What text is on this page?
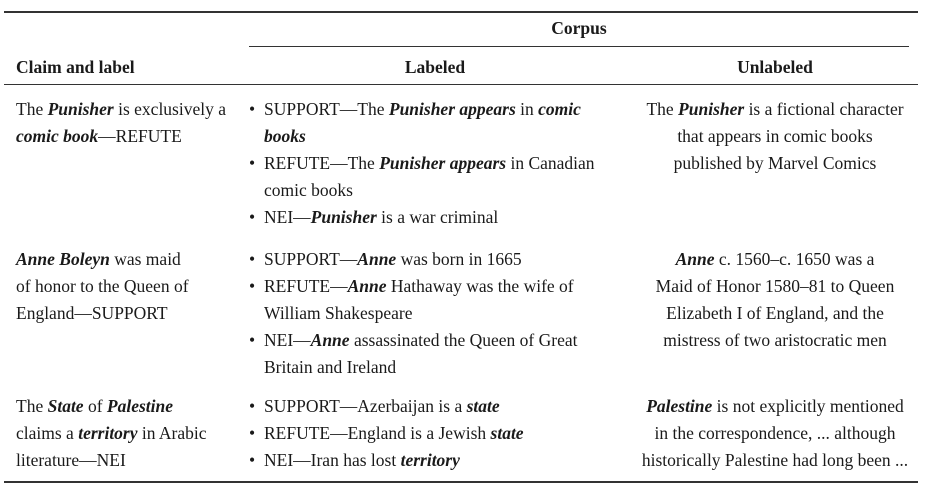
Corpus
Claim and label	Labeled	Unlabeled
The Punisher is exclusively a
comic book—REFUTE
• SUPPORT—The Punisher appears in comic
books
• REFUTE—The Punisher appears in Canadian
comic books
• NEI—Punisher is a war criminal
The Punisher is a fictional character
that appears in comic books
published by Marvel Comics
Anne Boleyn was maid
of honor to the Queen of
England—SUPPORT
• SUPPORT—Anne was born in 1665
• REFUTE—Anne Hathaway was the wife of
William Shakespeare
• NEI—Anne assassinated the Queen of Great
Britain and Ireland
Anne c. 1560–c. 1650 was a
Maid of Honor 1580–81 to Queen
Elizabeth I of England, and the
mistress of two aristocratic men
The State of Palestine
claims a territory in Arabic
literature—NEI
• SUPPORT—Azerbaijan is a state
• REFUTE—England is a Jewish state
• NEI—Iran has lost territory
Palestine is not explicitly mentioned
in the correspondence, ... although
historically Palestine had long been ...
